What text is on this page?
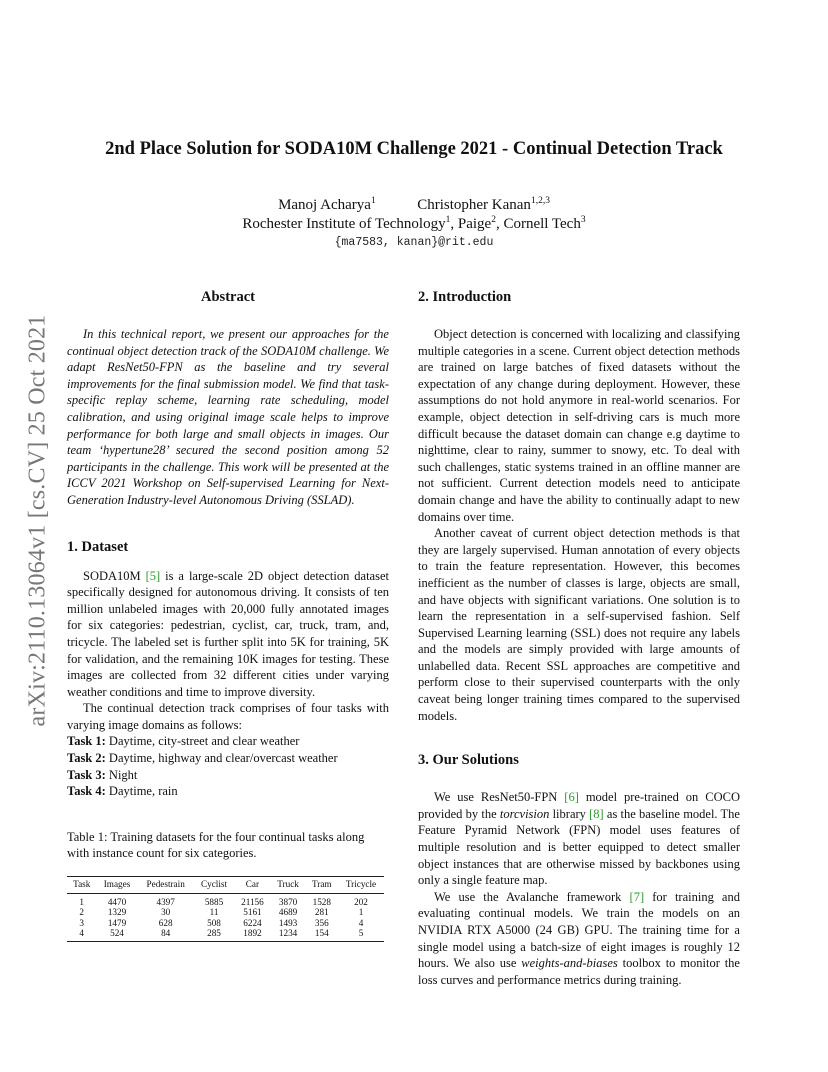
arXiv:2110.13064v1 [cs.CV] 25 Oct 2021
2nd Place Solution for SODA10M Challenge 2021 - Continual Detection Track
Manoj Acharya$^1$	Christopher Kanan$^{1,2,3}$
Rochester Institute of Technology$^1$, Paige$^2$, Cornell Tech$^3$
{ma7583, kanan}@rit.edu
Abstract

In this technical report, we present our approaches for the continual object detection track of the SODA10M challenge. We adapt ResNet50-FPN as the baseline and try several improvements for the final submission model. We find that task-specific replay scheme, learning rate scheduling, model calibration, and using original image scale helps to improve performance for both large and small objects in images. Our team ‘hypertune28’ secured the second position among 52 participants in the challenge. This work will be presented at the ICCV 2021 Workshop on Self-supervised Learning for Next-Generation Industry-level Autonomous Driving (SSLAD).

1. Dataset

SODA10M [5] is a large-scale 2D object detection dataset specifically designed for autonomous driving. It consists of ten million unlabeled images with 20,000 fully annotated images for six categories: pedestrian, cyclist, car, truck, tram, and, tricycle. The labeled set is further split into 5K for training, 5K for validation, and the remaining 10K images for testing. These images are collected from 32 different cities under varying weather conditions and time to improve diversity.

The continual detection track comprises of four tasks with varying image domains as follows:

Task 1: Daytime, city-street and clear weather
Task 2: Daytime, highway and clear/overcast weather
Task 3: Night
Task 4: Daytime, rain

Table 1: Training datasets for the four continual tasks along with instance count for six categories.

Task	Images	Pedestrain	Cyclist	Car	Truck	Tram	Tricycle
1	4470	4397	5885	21156	3870	1528	202
2	1329	30	11	5161	4689	281	1
3	1479	628	508	6224	1493	356	4
4	524	84	285	1892	1234	154	5
2. Introduction

Object detection is concerned with localizing and classifying multiple categories in a scene. Current object detection methods are trained on large batches of fixed datasets without the expectation of any change during deployment. However, these assumptions do not hold anymore in real-world scenarios. For example, object detection in self-driving cars is much more difficult because the dataset domain can change e.g daytime to nighttime, clear to rainy, summer to snowy, etc. To deal with such challenges, static systems trained in an offline manner are not sufficient. Current detection models need to anticipate domain change and have the ability to continually adapt to new domains over time.

Another caveat of current object detection methods is that they are largely supervised. Human annotation of every objects to train the feature representation. However, this becomes inefficient as the number of classes is large, objects are small, and have objects with significant variations. One solution is to learn the representation in a self-supervised fashion. Self Supervised Learning learning (SSL) does not require any labels and the models are simply provided with large amounts of unlabelled data. Recent SSL approaches are competitive and perform close to their supervised counterparts with the only caveat being longer training times compared to the supervised models.

3. Our Solutions

We use ResNet50-FPN [6] model pre-trained on COCO provided by the torcvision library [8] as the baseline model. The Feature Pyramid Network (FPN) model uses features of multiple resolution and is better equipped to detect smaller object instances that are otherwise missed by backbones using only a single feature map.

We use the Avalanche framework [7] for training and evaluating continual models. We train the models on an NVIDIA RTX A5000 (24 GB) GPU. The training time for a single model using a batch-size of eight images is roughly 12 hours. We also use weights-and-biases toolbox to monitor the loss curves and performance metrics during training.
